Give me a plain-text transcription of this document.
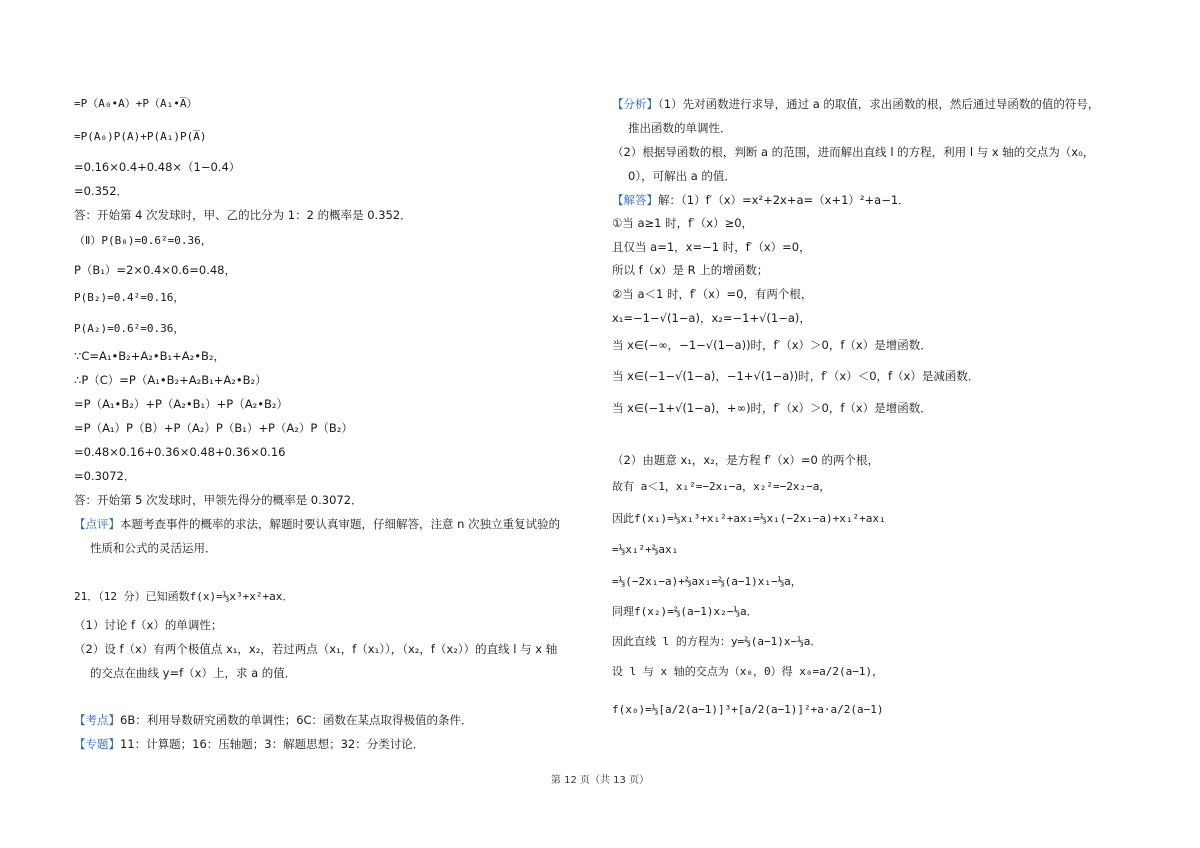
=P（A₀•A）+P（A₁•A̅）
=P(A₀)P(A)+P(A₁)P(A̅)
=0.16×0.4+0.48×（1−0.4）
=0.352．
答：开始第 4 次发球时，甲、乙的比分为 1：2 的概率是 0.352．
（Ⅱ）P(B₀)=0.6²=0.36，
P（B₁）=2×0.4×0.6=0.48，
P(B₂)=0.4²=0.16，
P(A₂)=0.6²=0.36，
∵C=A₁•B₂+A₂•B₁+A₂•B₂，
∴P（C）=P（A₁•B₂+A₂B₁+A₂•B₂）
=P（A₁•B₂）+P（A₂•B₁）+P（A₂•B₂）
=P（A₁）P（B）+P（A₂）P（B₁）+P（A₂）P（B₂）
=0.48×0.16+0.36×0.48+0.36×0.16
=0.3072．
答：开始第 5 次发球时，甲领先得分的概率是 0.3072．
【点评】本题考查事件的概率的求法，解题时要认真审题，仔细解答，注意 n 次独立重复试验的
性质和公式的灵活运用．
21．（12 分）已知函数f(x)=⅓x³+x²+ax．
（1）讨论 f（x）的单调性；
（2）设 f（x）有两个极值点 x₁，x₂，若过两点（x₁，f（x₁）），（x₂，f（x₂））的直线 l 与 x 轴
的交点在曲线 y=f（x）上，求 a 的值．
【考点】6B：利用导数研究函数的单调性；6C：函数在某点取得极值的条件．
【专题】11：计算题；16：压轴题；3：解题思想；32：分类讨论．
【分析】（1）先对函数进行求导，通过 a 的取值，求出函数的根，然后通过导函数的值的符号，
推出函数的单调性．
（2）根据导函数的根，判断 a 的范围，进而解出直线 l 的方程，利用 l 与 x 轴的交点为（x₀，
0），可解出 a 的值．
【解答】解：（1）f′（x）=x²+2x+a=（x+1）²+a−1．
①当 a≥1 时，f′（x）≥0，
且仅当 a=1，x=−1 时，f′（x）=0，
所以 f（x）是 R 上的增函数；
②当 a＜1 时，f′（x）=0，有两个根，
x₁=−1−√(1−a)，x₂=−1+√(1−a)，
当 x∈(−∞，−1−√(1−a))时，f′（x）＞0，f（x）是增函数．
当 x∈(−1−√(1−a)，−1+√(1−a))时，f′（x）＜0，f（x）是减函数．
当 x∈(−1+√(1−a)，+∞)时，f′（x）＞0，f（x）是增函数．
（2）由题意 x₁，x₂，是方程 f′（x）=0 的两个根，
故有 a＜1，x₁²=−2x₁−a，x₂²=−2x₂−a，
因此f(x₁)=⅓x₁³+x₁²+ax₁=⅓x₁(−2x₁−a)+x₁²+ax₁
=⅓x₁²+⅔ax₁
=⅓(−2x₁−a)+⅔ax₁=⅔(a−1)x₁−⅓a，
同理f(x₂)=⅔(a−1)x₂−⅓a．
因此直线 l 的方程为：y=⅔(a−1)x−⅓a．
设 l 与 x 轴的交点为（x₀，0）得 x₀=a/2(a−1)，
f(x₀)=⅓[a/2(a−1)]³+[a/2(a−1)]²+a·a/2(a−1)
第 12 页（共 13 页）
